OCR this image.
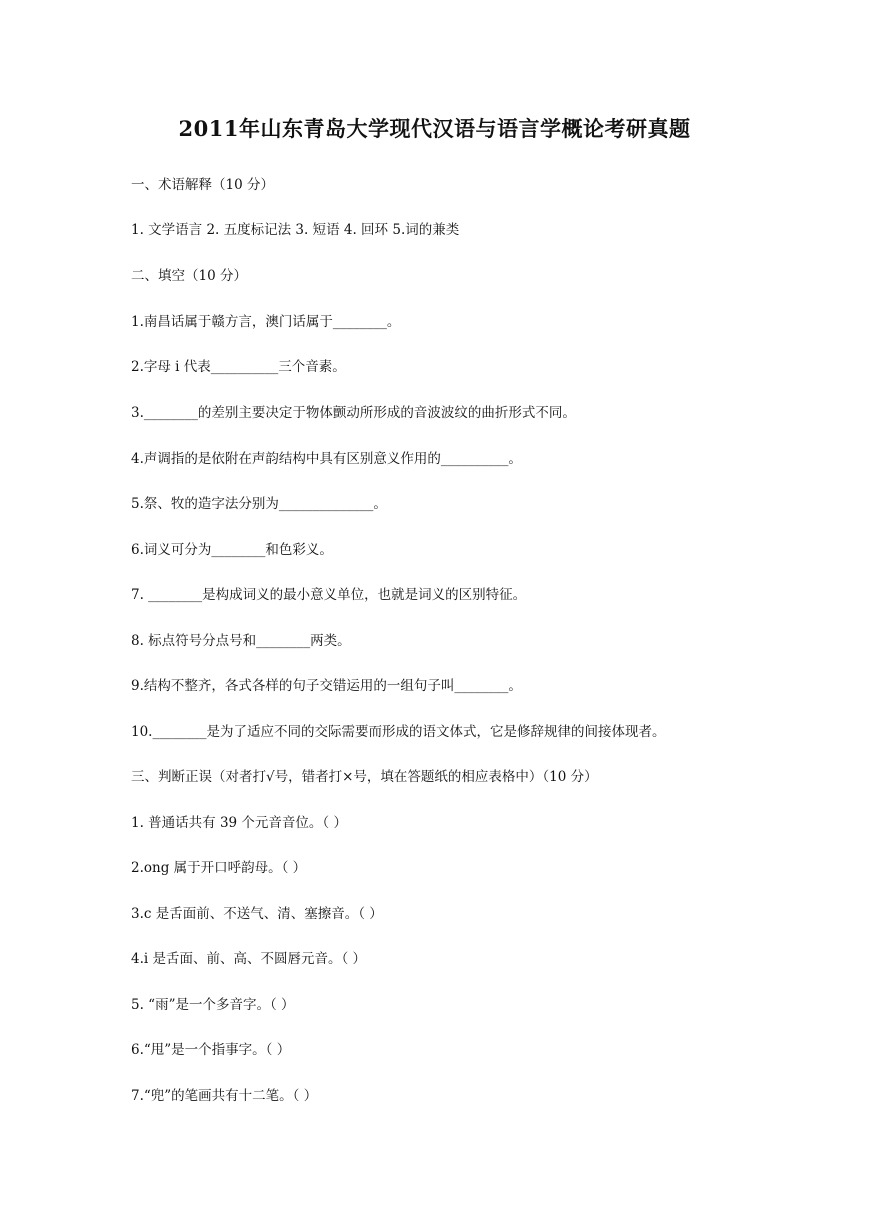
2011年山东青岛大学现代汉语与语言学概论考研真题
一、术语解释（10 分）
1. 文学语言 2. 五度标记法 3. 短语 4. 回环 5.词的兼类
二、填空（10 分）
1.南昌话属于赣方言，澳门话属于________。
2.字母 i 代表__________三个音素。
3.________的差别主要决定于物体颤动所形成的音波波纹的曲折形式不同。
4.声调指的是依附在声韵结构中具有区别意义作用的__________。
5.祭、牧的造字法分别为______________。
6.词义可分为________和色彩义。
7. ________是构成词义的最小意义单位，也就是词义的区别特征。
8. 标点符号分点号和________两类。
9.结构不整齐，各式各样的句子交错运用的一组句子叫________。
10.________是为了适应不同的交际需要而形成的语文体式，它是修辞规律的间接体现者。
三、判断正误（对者打√号，错者打×号，填在答题纸的相应表格中）（10 分）
1. 普通话共有 39 个元音音位。（ ）
2.ong 属于开口呼韵母。（ ）
3.c 是舌面前、不送气、清、塞擦音。（ ）
4.i 是舌面、前、高、不圆唇元音。（ ）
5. “雨”是一个多音字。（ ）
6.“甩”是一个指事字。（ ）
7.“兜”的笔画共有十二笔。（ ）
